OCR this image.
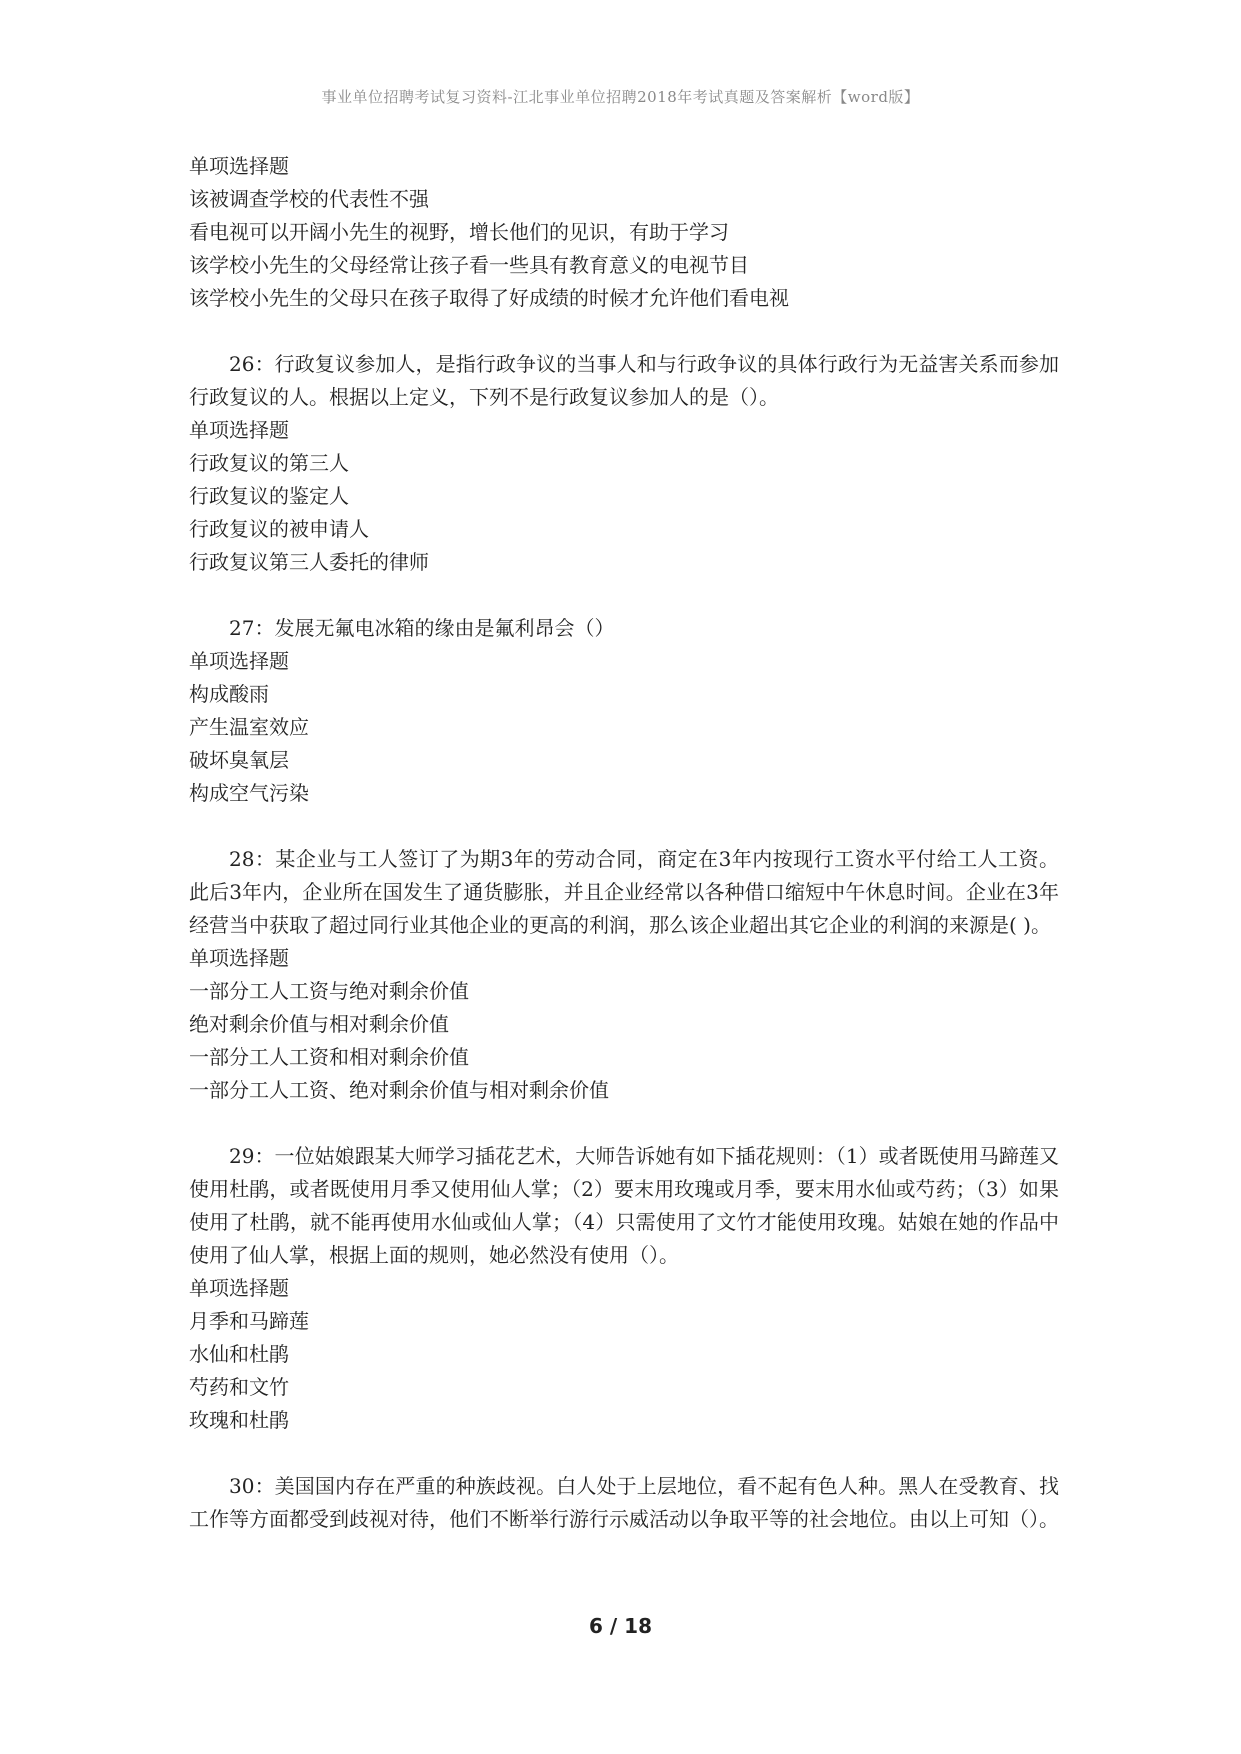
事业单位招聘考试复习资料-江北事业单位招聘2018年考试真题及答案解析【word版】
单项选择题
该被调查学校的代表性不强
看电视可以开阔小先生的视野，增长他们的见识，有助于学习
该学校小先生的父母经常让孩子看一些具有教育意义的电视节目
该学校小先生的父母只在孩子取得了好成绩的时候才允许他们看电视
26：行政复议参加人，是指行政争议的当事人和与行政争议的具体行政行为无益害关系而参加行政复议的人。根据以上定义，下列不是行政复议参加人的是（）。
单项选择题
行政复议的第三人
行政复议的鉴定人
行政复议的被申请人
行政复议第三人委托的律师
27：发展无氟电冰箱的缘由是氟利昂会（）
单项选择题
构成酸雨
产生温室效应
破坏臭氧层
构成空气污染
28：某企业与工人签订了为期3年的劳动合同，商定在3年内按现行工资水平付给工人工资。此后3年内，企业所在国发生了通货膨胀，并且企业经常以各种借口缩短中午休息时间。企业在3年经营当中获取了超过同行业其他企业的更高的利润，那么该企业超出其它企业的利润的来源是( )。
单项选择题
一部分工人工资与绝对剩余价值
绝对剩余价值与相对剩余价值
一部分工人工资和相对剩余价值
一部分工人工资、绝对剩余价值与相对剩余价值
29：一位姑娘跟某大师学习插花艺术，大师告诉她有如下插花规则：（1）或者既使用马蹄莲又使用杜鹃，或者既使用月季又使用仙人掌；（2）要末用玫瑰或月季，要末用水仙或芍药；（3）如果使用了杜鹃，就不能再使用水仙或仙人掌；（4）只需使用了文竹才能使用玫瑰。姑娘在她的作品中使用了仙人掌，根据上面的规则，她必然没有使用（）。
单项选择题
月季和马蹄莲
水仙和杜鹃
芍药和文竹
玫瑰和杜鹃
30：美国国内存在严重的种族歧视。白人处于上层地位，看不起有色人种。黑人在受教育、找工作等方面都受到歧视对待，他们不断举行游行示威活动以争取平等的社会地位。由以上可知（）。
6 / 18
